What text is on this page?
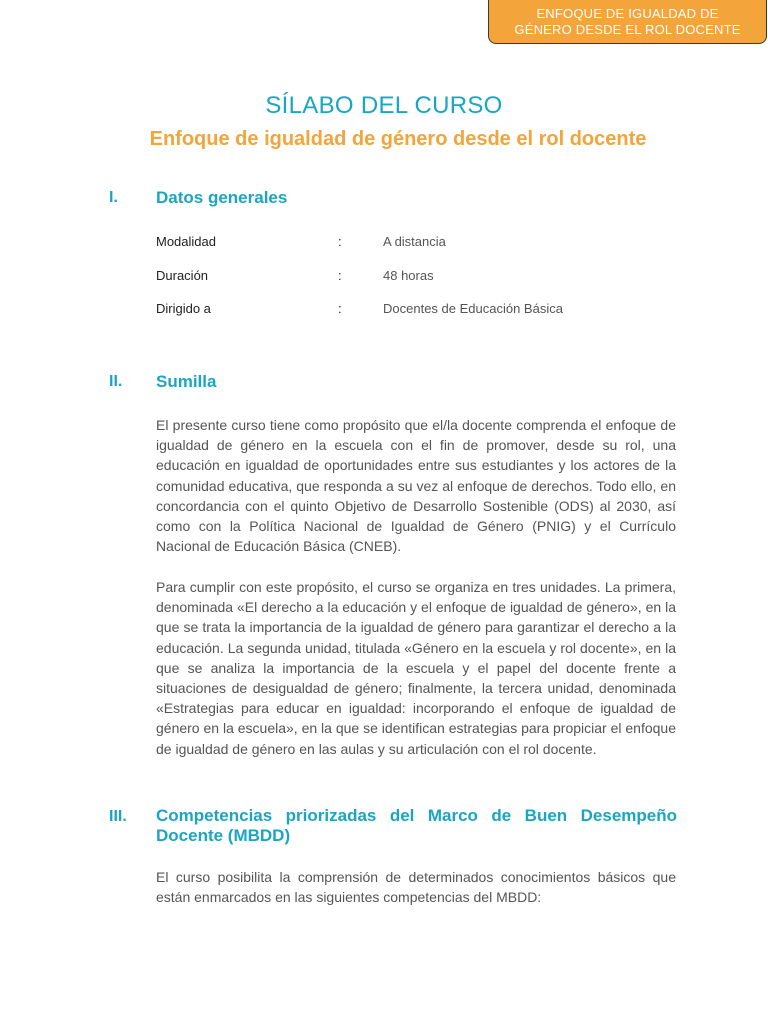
ENFOQUE DE IGUALDAD DE
GÉNERO DESDE EL ROL DOCENTE
SÍLABO DEL CURSO
Enfoque de igualdad de género desde el rol docente
I. Datos generales
Modalidad	:	A distancia
Duración	:	48 horas
Dirigido a	:	Docentes de Educación Básica
II. Sumilla

El presente curso tiene como propósito que el/la docente comprenda el enfoque de igualdad de género en la escuela con el fin de promover, desde su rol, una educación en igualdad de oportunidades entre sus estudiantes y los actores de la comunidad educativa, que responda a su vez al enfoque de derechos. Todo ello, en concordancia con el quinto Objetivo de Desarrollo Sostenible (ODS) al 2030, así como con la Política Nacional de Igualdad de Género (PNIG) y el Currículo Nacional de Educación Básica (CNEB).

Para cumplir con este propósito, el curso se organiza en tres unidades. La primera, denominada «El derecho a la educación y el enfoque de igualdad de género», en la que se trata la importancia de la igualdad de género para garantizar el derecho a la educación. La segunda unidad, titulada «Género en la escuela y rol docente», en la que se analiza la importancia de la escuela y el papel del docente frente a situaciones de desigualdad de género; finalmente, la tercera unidad, denominada «Estrategias para educar en igualdad: incorporando el enfoque de igualdad de género en la escuela», en la que se identifican estrategias para propiciar el enfoque de igualdad de género en las aulas y su articulación con el rol docente.

III. Competencias priorizadas del Marco de Buen Desempeño Docente (MBDD)

El curso posibilita la comprensión de determinados conocimientos básicos que están enmarcados en las siguientes competencias del MBDD:
